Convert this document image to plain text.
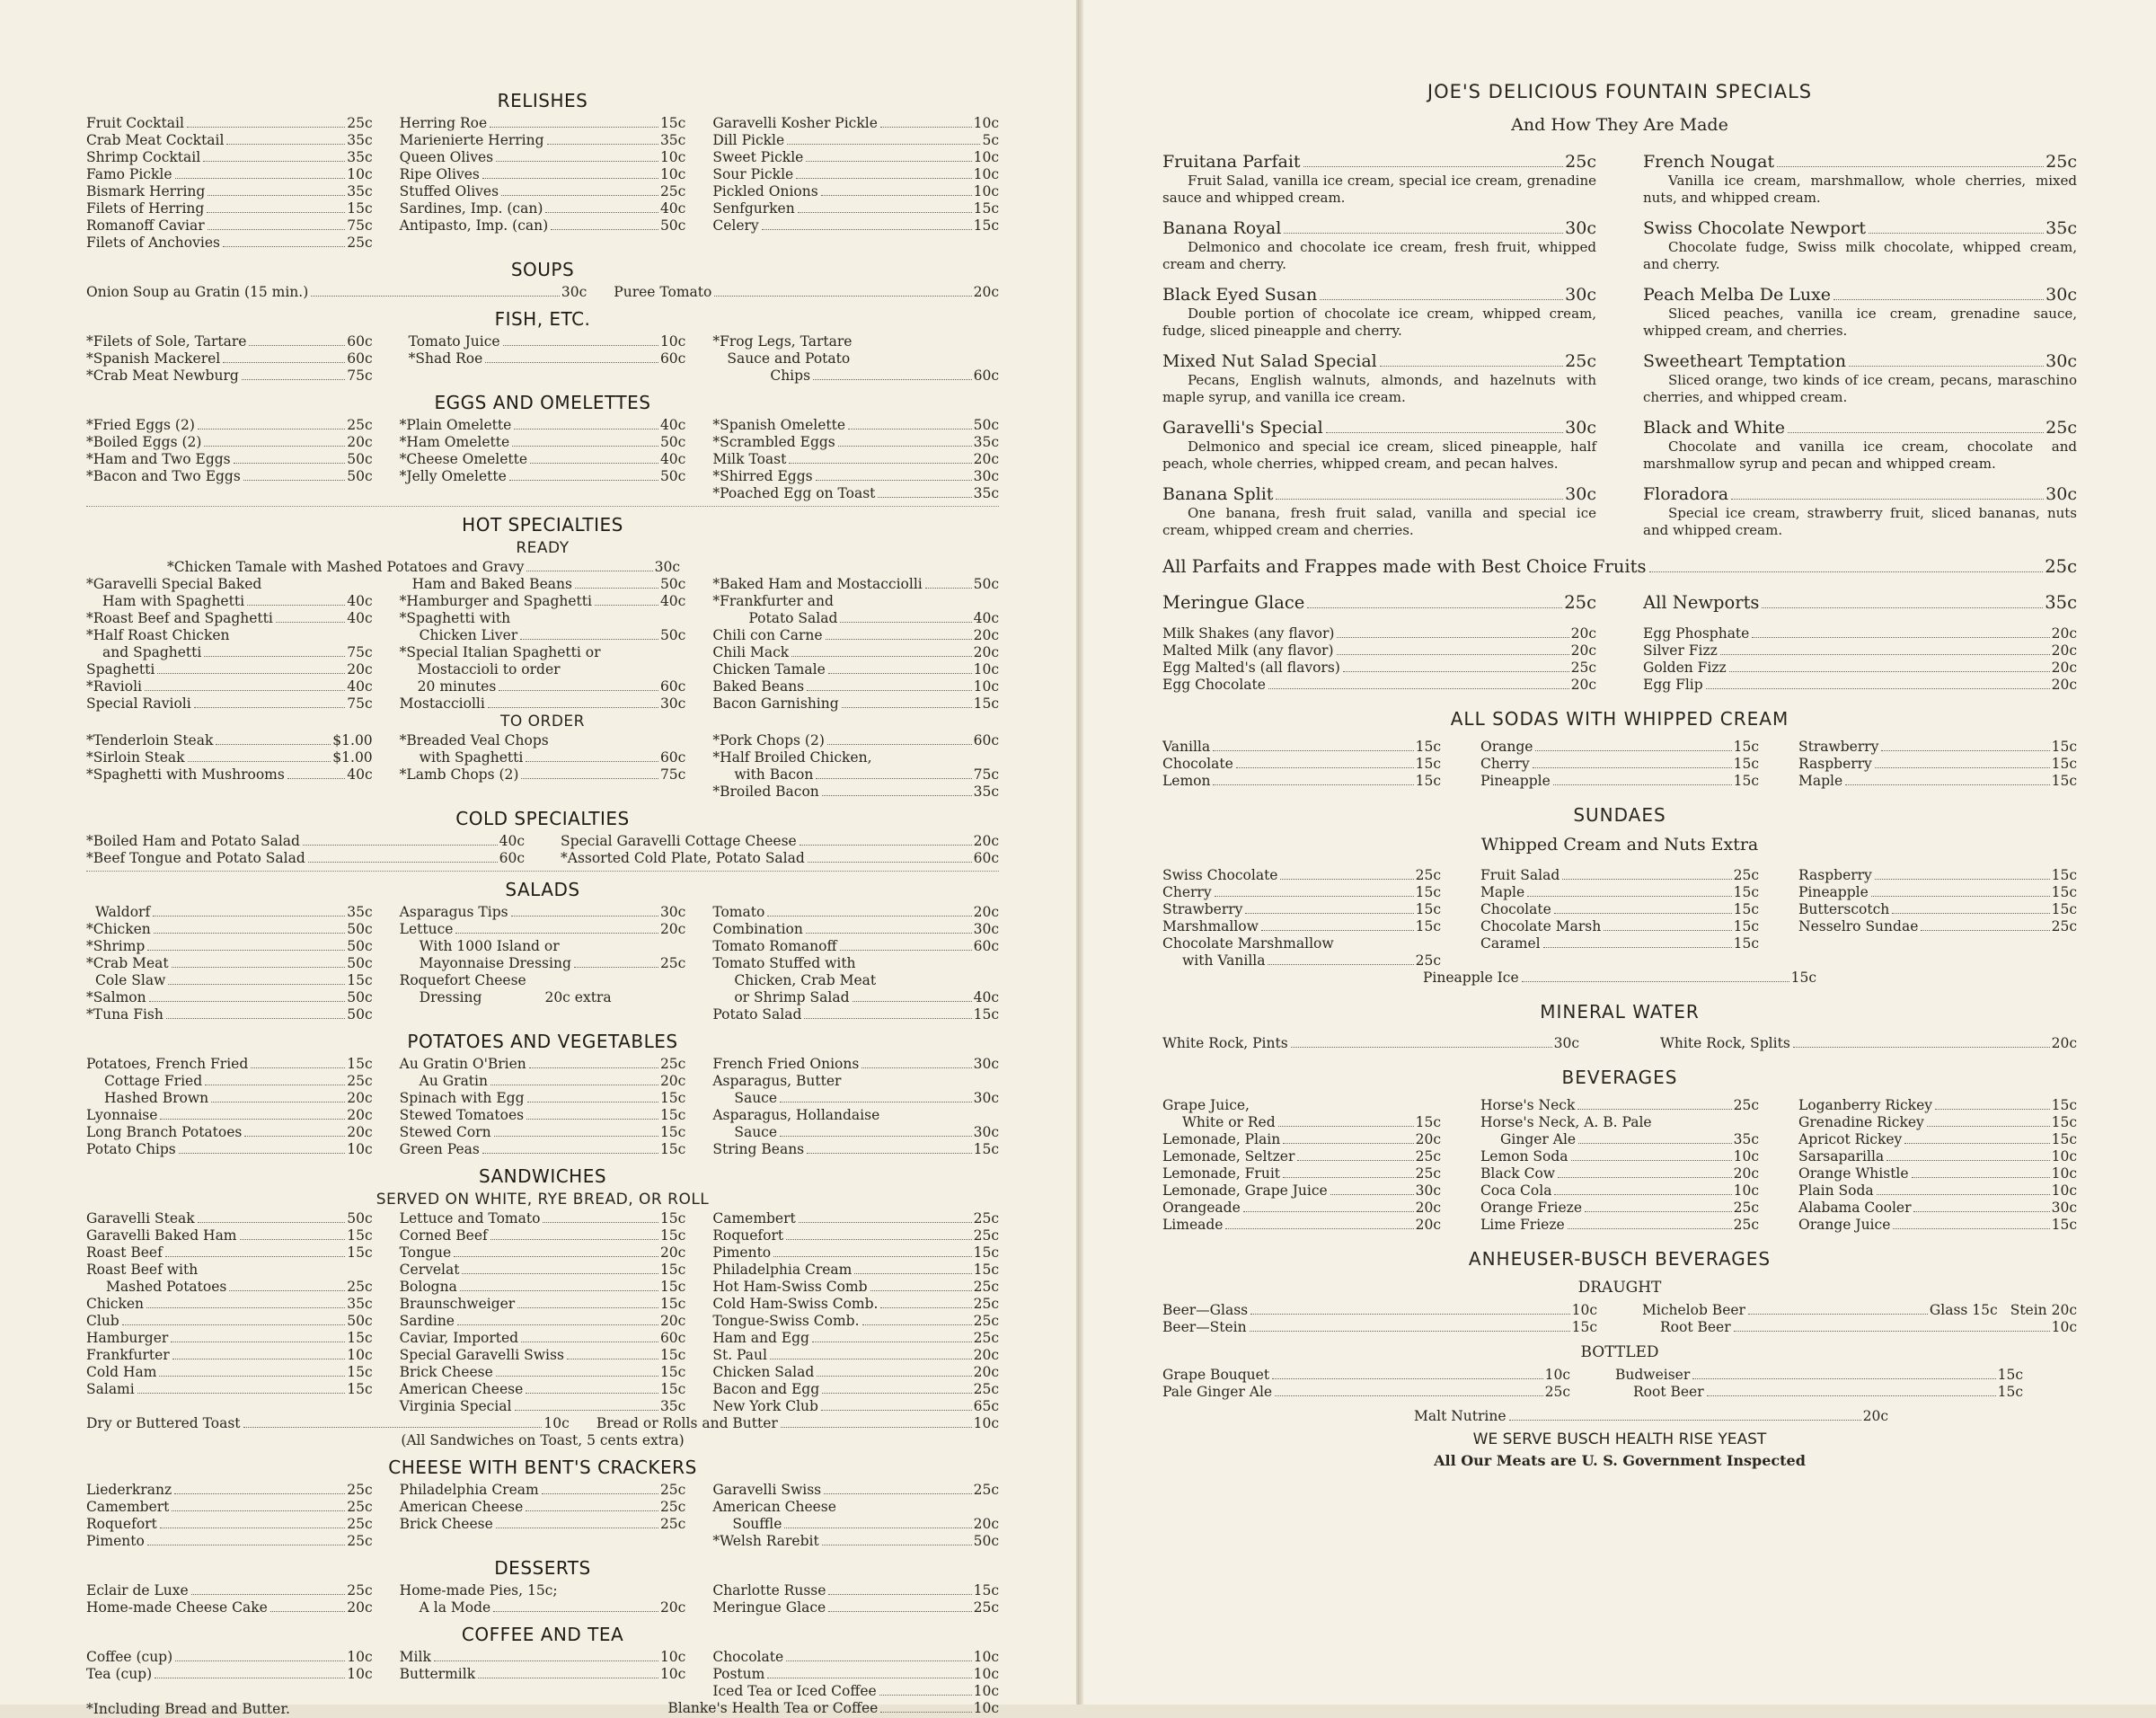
RELISHES
Fruit Cocktail	25c
Crab Meat Cocktail	35c
Shrimp Cocktail	35c
Famo Pickle	10c
Bismark Herring	35c
Filets of Herring	15c
Romanoff Caviar	75c
Filets of Anchovies	25c
Herring Roe	15c
Marienierte Herring	35c
Queen Olives	10c
Ripe Olives	10c
Stuffed Olives	25c
Sardines, Imp. (can)	40c
Antipasto, Imp. (can)	50c
Garavelli Kosher Pickle	10c
Dill Pickle	5c
Sweet Pickle	10c
Sour Pickle	10c
Pickled Onions	10c
Senfgurken	15c
Celery	15c
SOUPS
Onion Soup au Gratin (15 min.)	30c Puree Tomato	20c
FISH, ETC.
*Filets of Sole, Tartare	60c
*Spanish Mackerel	60c
*Crab Meat Newburg	75c
Tomato Juice	10c
*Shad Roe	60c
*Frog Legs, Tartare
Sauce and Potato
Chips	60c
EGGS AND OMELETTES
*Fried Eggs (2)	25c
*Boiled Eggs (2)	20c
*Ham and Two Eggs	50c
*Bacon and Two Eggs	50c
*Plain Omelette	40c
*Ham Omelette	50c
*Cheese Omelette	40c
*Jelly Omelette	50c
*Spanish Omelette	50c
*Scrambled Eggs	35c
Milk Toast	20c
*Shirred Eggs	30c
*Poached Egg on Toast	35c
HOT SPECIALTIES
READY
*Chicken Tamale with Mashed Potatoes and Gravy	30c
*Garavelli Special Baked
Ham with Spaghetti	40c
*Roast Beef and Spaghetti	40c
*Half Roast Chicken
and Spaghetti	75c
Spaghetti	20c
*Ravioli	40c
Special Ravioli	75c
Ham and Baked Beans	50c
*Hamburger and Spaghetti	40c
*Spaghetti with
Chicken Liver	50c
*Special Italian Spaghetti or
Mostaccioli to order
20 minutes	60c
Mostacciolli	30c
*Baked Ham and Mostacciolli	50c
*Frankfurter and
Potato Salad	40c
Chili con Carne	20c
Chili Mack	20c
Chicken Tamale	10c
Baked Beans	10c
Bacon Garnishing	15c
TO ORDER
*Tenderloin Steak	$1.00
*Sirloin Steak	$1.00
*Spaghetti with Mushrooms	40c
*Breaded Veal Chops
with Spaghetti	60c
*Lamb Chops (2)	75c
*Pork Chops (2)	60c
*Half Broiled Chicken,
with Bacon	75c
*Broiled Bacon	35c
COLD SPECIALTIES
*Boiled Ham and Potato Salad	40c
*Beef Tongue and Potato Salad	60c
Special Garavelli Cottage Cheese	20c
*Assorted Cold Plate, Potato Salad	60c
SALADS
Waldorf	35c
*Chicken	50c
*Shrimp	50c
*Crab Meat	50c
Cole Slaw	15c
*Salmon	50c
*Tuna Fish	50c
Asparagus Tips	30c
Lettuce	20c
With 1000 Island or
Mayonnaise Dressing	25c
Roquefort Cheese
Dressing	20c extra
Tomato	20c
Combination	30c
Tomato Romanoff	60c
Tomato Stuffed with
Chicken, Crab Meat
or Shrimp Salad	40c
Potato Salad	15c
POTATOES AND VEGETABLES
Potatoes, French Fried	15c
Cottage Fried	25c
Hashed Brown	20c
Lyonnaise	20c
Long Branch Potatoes	20c
Potato Chips	10c
Au Gratin O'Brien	25c
Au Gratin	20c
Spinach with Egg	15c
Stewed Tomatoes	15c
Stewed Corn	15c
Green Peas	15c
French Fried Onions	30c
Asparagus, Butter
Sauce	30c
Asparagus, Hollandaise
Sauce	30c
String Beans	15c
SANDWICHES
SERVED ON WHITE, RYE BREAD, OR ROLL
Garavelli Steak	50c
Garavelli Baked Ham	15c
Roast Beef	15c
Roast Beef with
Mashed Potatoes	25c
Chicken	35c
Club	50c
Hamburger	15c
Frankfurter	10c
Cold Ham	15c
Salami	15c
Lettuce and Tomato	15c
Corned Beef	15c
Tongue	20c
Cervelat	15c
Bologna	15c
Braunschweiger	15c
Sardine	20c
Caviar, Imported	60c
Special Garavelli Swiss	15c
Brick Cheese	15c
American Cheese	15c
Virginia Special	35c
Camembert	25c
Roquefort	25c
Pimento	15c
Philadelphia Cream	15c
Hot Ham-Swiss Comb	25c
Cold Ham-Swiss Comb.	25c
Tongue-Swiss Comb.	25c
Ham and Egg	25c
St. Paul	20c
Chicken Salad	20c
Bacon and Egg	25c
New York Club	65c
Dry or Buttered Toast	10c Bread or Rolls and Butter	10c
(All Sandwiches on Toast, 5 cents extra)
CHEESE WITH BENT'S CRACKERS
Liederkranz	25c
Camembert	25c
Roquefort	25c
Pimento	25c
Philadelphia Cream	25c
American Cheese	25c
Brick Cheese	25c
Garavelli Swiss	25c
American Cheese
Souffle	20c
*Welsh Rarebit	50c
DESSERTS
Eclair de Luxe	25c
Home-made Cheese Cake	20c
Home-made Pies, 15c;
A la Mode	20c
Charlotte Russe	15c
Meringue Glace	25c
COFFEE AND TEA
Coffee (cup)	10c
Tea (cup)	10c
Milk	10c
Buttermilk	10c
Chocolate	10c
Postum	10c
Iced Tea or Iced Coffee	10c
Blanke's Health Tea or Coffee	10c
*Including Bread and Butter.
JOE'S DELICIOUS FOUNTAIN SPECIALS
And How They Are Made
Fruitana Parfait	25c
Fruit Salad, vanilla ice cream, special ice cream, grenadine sauce and whipped cream.
French Nougat	25c
Vanilla ice cream, marshmallow, whole cherries, mixed nuts, and whipped cream.
Banana Royal	30c
Delmonico and chocolate ice cream, fresh fruit, whipped cream and cherry.
Swiss Chocolate Newport	35c
Chocolate fudge, Swiss milk chocolate, whipped cream, and cherry.
Black Eyed Susan	30c
Double portion of chocolate ice cream, whipped cream, fudge, sliced pineapple and cherry.
Peach Melba De Luxe	30c
Sliced peaches, vanilla ice cream, grenadine sauce, whipped cream, and cherries.
Mixed Nut Salad Special	25c
Pecans, English walnuts, almonds, and hazelnuts with maple syrup, and vanilla ice cream.
Sweetheart Temptation	30c
Sliced orange, two kinds of ice cream, pecans, maraschino cherries, and whipped cream.
Garavelli's Special	30c
Delmonico and special ice cream, sliced pineapple, half peach, whole cherries, whipped cream, and pecan halves.
Black and White	25c
Chocolate and vanilla ice cream, chocolate and marshmallow syrup and pecan and whipped cream.
Banana Split	30c
One banana, fresh fruit salad, vanilla and special ice cream, whipped cream and cherries.
Floradora	30c
Special ice cream, strawberry fruit, sliced bananas, nuts and whipped cream.
All Parfaits and Frappes made with Best Choice Fruits	25c
Meringue Glace	25c	All Newports	35c
Milk Shakes (any flavor)	20c
Malted Milk (any flavor)	20c
Egg Malted's (all flavors)	25c
Egg Chocolate	20c
Egg Phosphate	20c
Silver Fizz	20c
Golden Fizz	20c
Egg Flip	20c
ALL SODAS WITH WHIPPED CREAM
Vanilla	15c
Chocolate	15c
Lemon	15c
Orange	15c
Cherry	15c
Pineapple	15c
Strawberry	15c
Raspberry	15c
Maple	15c
SUNDAES
Whipped Cream and Nuts Extra
Swiss Chocolate	25c
Cherry	15c
Strawberry	15c
Marshmallow	15c
Chocolate Marshmallow
with Vanilla	25c
Fruit Salad	25c
Maple	15c
Chocolate	15c
Chocolate Marsh	15c
Caramel	15c
Raspberry	15c
Pineapple	15c
Butterscotch	15c
Nesselro Sundae	25c
Pineapple Ice	15c
MINERAL WATER
White Rock, Pints	30c	White Rock, Splits	20c
BEVERAGES
Grape Juice,
White or Red	15c
Lemonade, Plain	20c
Lemonade, Seltzer	25c
Lemonade, Fruit	25c
Lemonade, Grape Juice	30c
Orangeade	20c
Limeade	20c
Horse's Neck	25c
Horse's Neck, A. B. Pale
Ginger Ale	35c
Lemon Soda	10c
Black Cow	20c
Coca Cola	10c
Orange Frieze	25c
Lime Frieze	25c
Loganberry Rickey	15c
Grenadine Rickey	15c
Apricot Rickey	15c
Sarsaparilla	10c
Orange Whistle	10c
Plain Soda	10c
Alabama Cooler	30c
Orange Juice	15c
ANHEUSER-BUSCH BEVERAGES
DRAUGHT
Beer—Glass	10c
Beer—Stein	15c
Michelob Beer	Glass 15c Stein 20c
Root Beer	10c
BOTTLED
Grape Bouquet	10c
Pale Ginger Ale	25c
Budweiser	15c
Root Beer	15c
Malt Nutrine	20c
WE SERVE BUSCH HEALTH RISE YEAST
All Our Meats are U. S. Government Inspected
